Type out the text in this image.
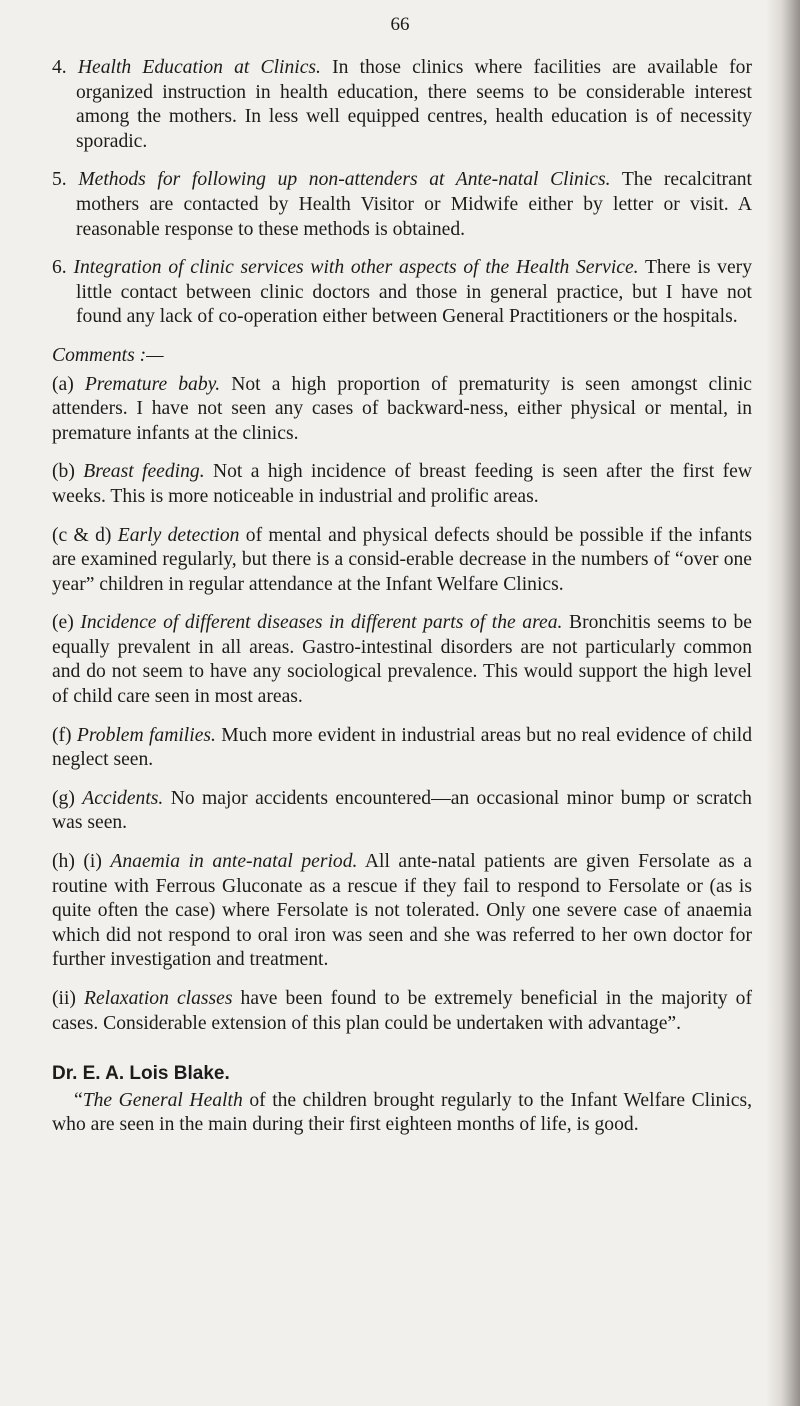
66

4. Health Education at Clinics. In those clinics where facilities are available for organized instruction in health education, there seems to be considerable interest among the mothers. In less well equipped centres, health education is of necessity sporadic.

5. Methods for following up non-attenders at Ante-natal Clinics. The recalcitrant mothers are contacted by Health Visitor or Midwife either by letter or visit. A reasonable response to these methods is obtained.

6. Integration of clinic services with other aspects of the Health Service. There is very little contact between clinic doctors and those in general practice, but I have not found any lack of co-operation either between General Practitioners or the hospitals.

Comments :—

(a) Premature baby. Not a high proportion of prematurity is seen amongst clinic attenders. I have not seen any cases of backward-ness, either physical or mental, in premature infants at the clinics.

(b) Breast feeding. Not a high incidence of breast feeding is seen after the first few weeks. This is more noticeable in industrial and prolific areas.

(c & d) Early detection of mental and physical defects should be possible if the infants are examined regularly, but there is a consid-erable decrease in the numbers of “over one year” children in regular attendance at the Infant Welfare Clinics.

(e) Incidence of different diseases in different parts of the area. Bronchitis seems to be equally prevalent in all areas. Gastro-intestinal disorders are not particularly common and do not seem to have any sociological prevalence. This would support the high level of child care seen in most areas.

(f) Problem families. Much more evident in industrial areas but no real evidence of child neglect seen.

(g) Accidents. No major accidents encountered—an occasional minor bump or scratch was seen.

(h) (i) Anaemia in ante-natal period. All ante-natal patients are given Fersolate as a routine with Ferrous Gluconate as a rescue if they fail to respond to Fersolate or (as is quite often the case) where Fersolate is not tolerated. Only one severe case of anaemia which did not respond to oral iron was seen and she was referred to her own doctor for further investigation and treatment.

(ii) Relaxation classes have been found to be extremely beneficial in the majority of cases. Considerable extension of this plan could be undertaken with advantage”.

Dr. E. A. Lois Blake.

“The General Health of the children brought regularly to the Infant Welfare Clinics, who are seen in the main during their first eighteen months of life, is good.
